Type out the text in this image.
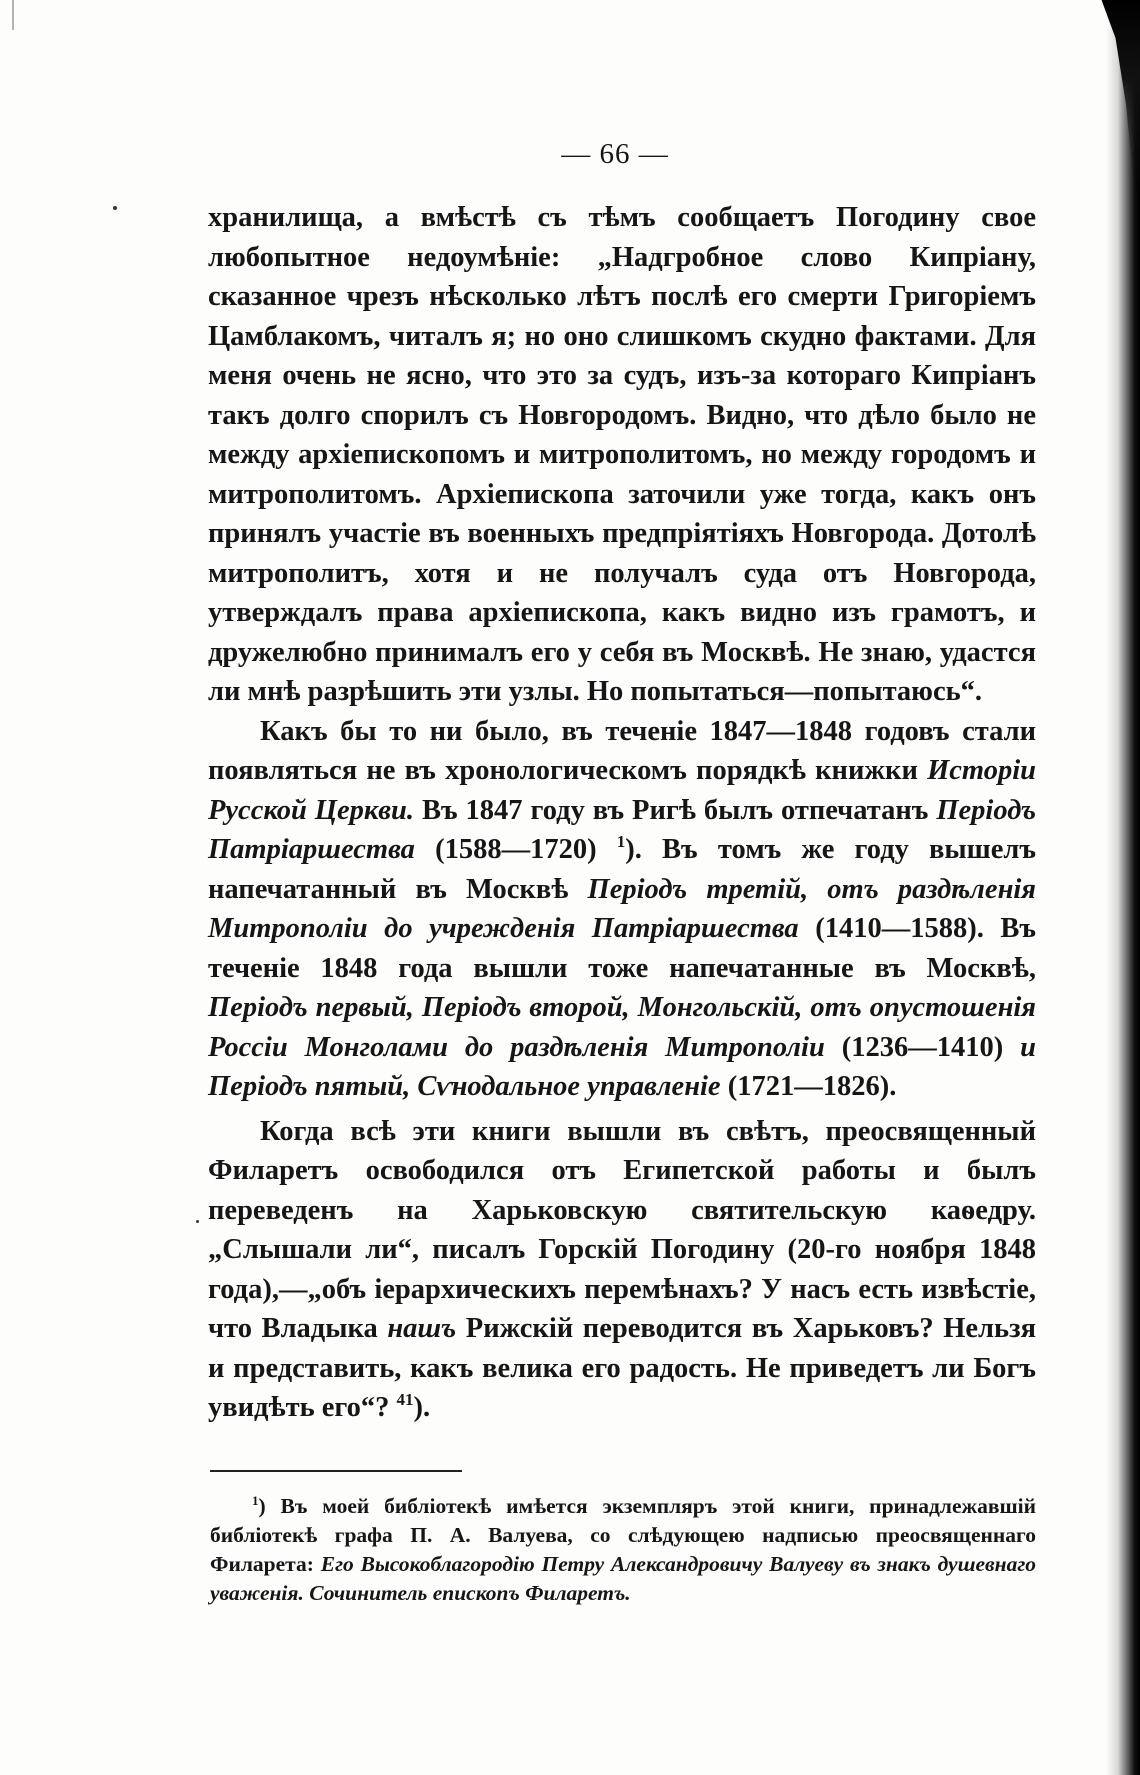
— 66 —

хранилища, а вмѣстѣ съ тѣмъ сообщаетъ Погодину свое любопытное недоумѣніе: „Надгробное слово Кипріану, сказанное чрезъ нѣсколько лѣтъ послѣ его смерти Григоріемъ Цамблакомъ, читалъ я; но оно слишкомъ скудно фактами. Для меня очень не ясно, что это за судъ, изъ-за котораго Кипріанъ такъ долго спорилъ съ Новгородомъ. Видно, что дѣло было не между архіепископомъ и митрополитомъ, но между городомъ и митрополитомъ. Архіепископа заточили уже тогда, какъ онъ принялъ участіе въ военныхъ предпріятіяхъ Новгорода. Дотолѣ митрополитъ, хотя и не получалъ суда отъ Новгорода, утверждалъ права архіепископа, какъ видно изъ грамотъ, и дружелюбно принималъ его у себя въ Москвѣ. Не знаю, удастся ли мнѣ разрѣшить эти узлы. Но попытаться—попытаюсь“.

Какъ бы то ни было, въ теченіе 1847—1848 годовъ стали появляться не въ хронологическомъ порядкѣ книжки Исторіи Русской Церкви. Въ 1847 году въ Ригѣ былъ отпечатанъ Періодъ Патріаршества (1588—1720) $^1$). Въ томъ же году вышелъ напечатанный въ Москвѣ Періодъ третій, отъ раздѣленія Митрополіи до учрежденія Патріаршества (1410—1588). Въ теченіе 1848 года вышли тоже напечатанные въ Москвѣ, Періодъ первый, Періодъ второй, Монгольскій, отъ опустошенія Россіи Монголами до раздѣленія Митрополіи (1236—1410) и Періодъ пятый, Сѵнодальное управленіе (1721—1826).

Когда всѣ эти книги вышли въ свѣтъ, преосвященный Филаретъ освободился отъ Египетской работы и былъ переведенъ на Харьковскую святительскую каѳедру. „Слышали ли“, писалъ Горскій Погодину (20-го ноября 1848 года),—„объ іерархическихъ перемѣнахъ? У насъ есть извѣстіе, что Владыка нашъ Рижскій переводится въ Харьковъ? Нельзя и представить, какъ велика его радость. Не приведетъ ли Богъ увидѣть его“? $^{41}$).

$^1$) Въ моей библіотекѣ имѣется экземпляръ этой книги, принадлежавшій библіотекѣ графа П. А. Валуева, со слѣдующею надписью преосвященнаго Филарета: Его Высокоблагородію Петру Александровичу Валуеву въ знакъ душевнаго уваженія. Сочинитель епископъ Филаретъ.
